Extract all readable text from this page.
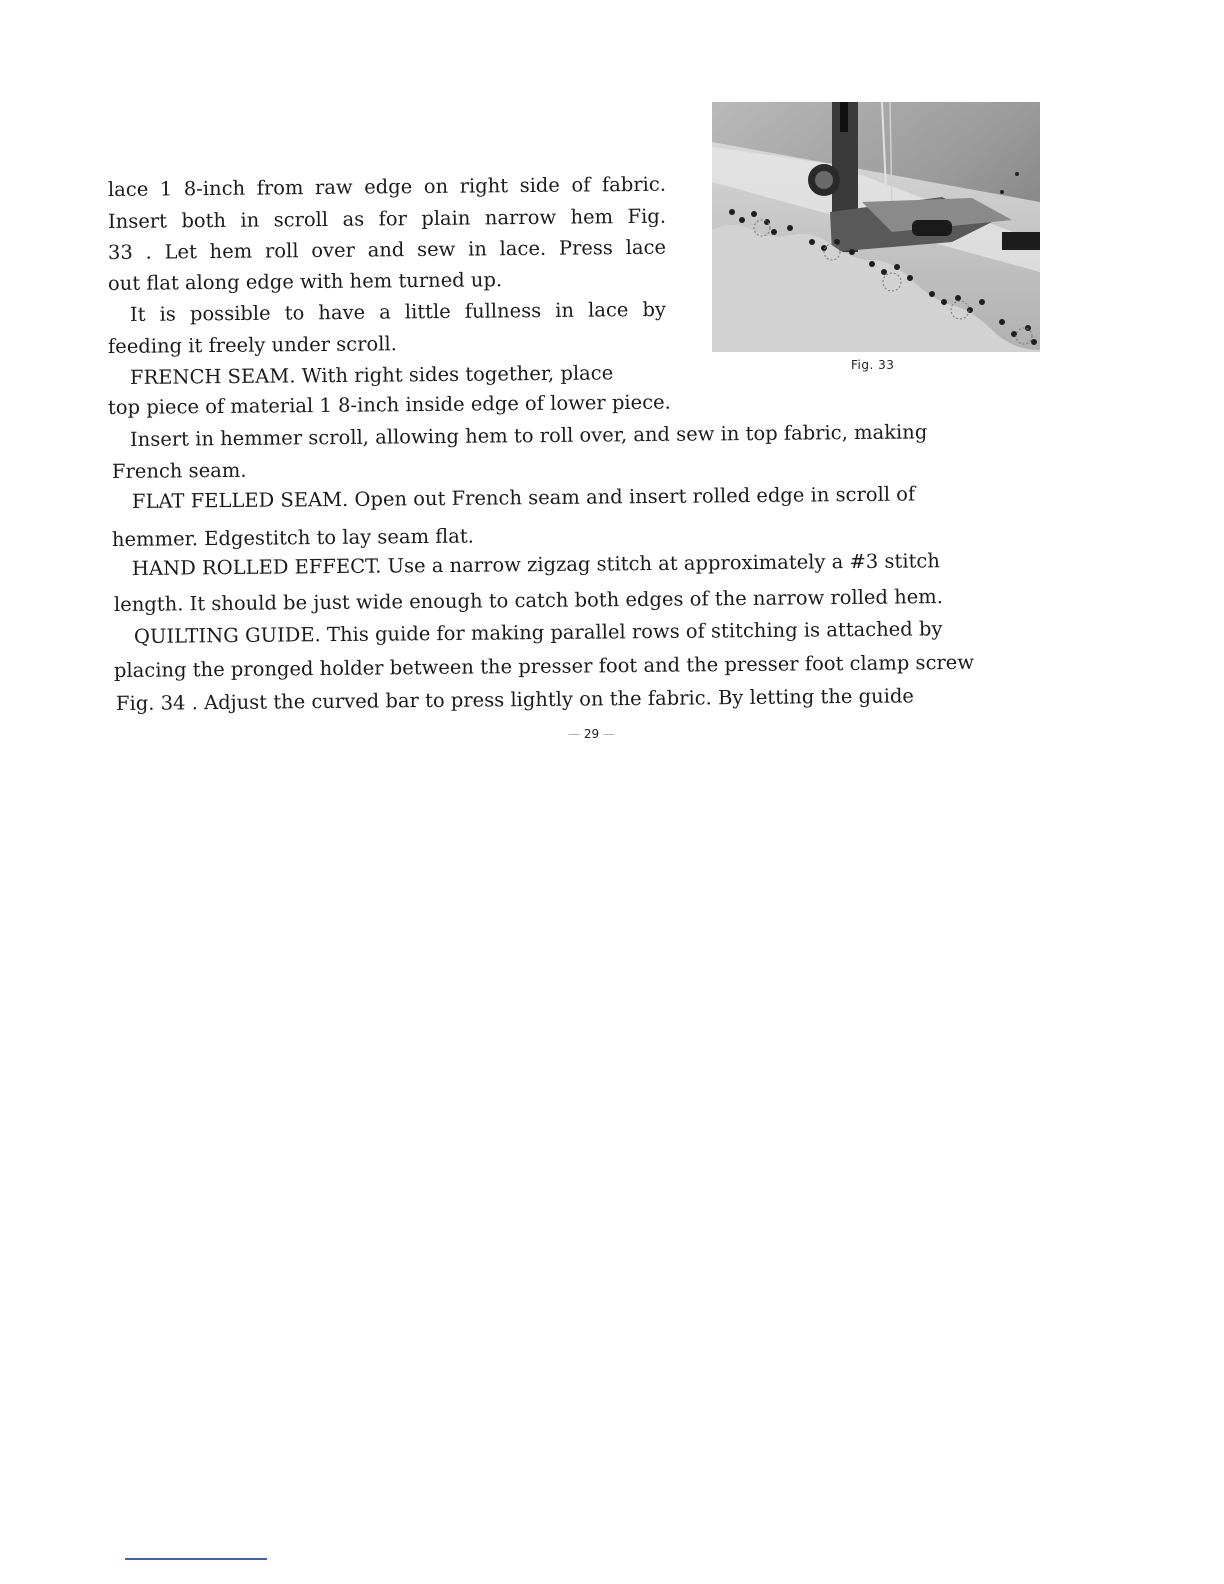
lace 1 8-inch from raw edge on right side of fabric.

Insert both in scroll as for plain narrow hem Fig.

33 . Let hem roll over and sew in lace. Press lace

out flat along edge with hem turned up.

It is possible to have a little fullness in lace by

feeding it freely under scroll.

FRENCH SEAM. With right sides together, place

top piece of material 1 8-inch inside edge of lower piece.

Insert in hemmer scroll, allowing hem to roll over, and sew in top fabric, making

French seam.

FLAT FELLED SEAM. Open out French seam and insert rolled edge in scroll of

hemmer. Edgestitch to lay seam flat.

HAND ROLLED EFFECT. Use a narrow zigzag stitch at approximately a #3 stitch

length. It should be just wide enough to catch both edges of the narrow rolled hem.

QUILTING GUIDE. This guide for making parallel rows of stitching is attached by

placing the pronged holder between the presser foot and the presser foot clamp screw

Fig. 34 . Adjust the curved bar to press lightly on the fabric. By letting the guide

Fig. 33

— 29 —
